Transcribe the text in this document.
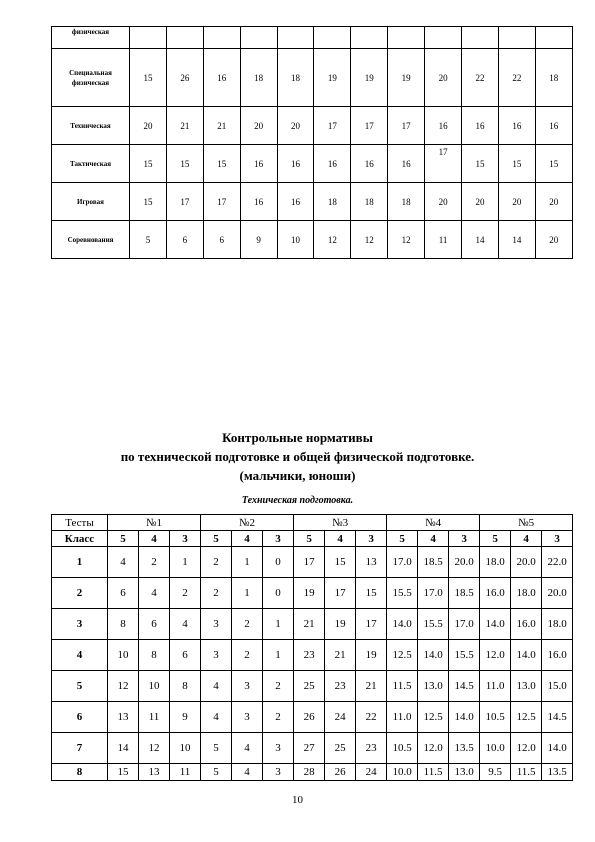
физическая												
Специальная физическая	15	26	16	18	18	19	19	19	20	22	22	18
Техническая	20	21	21	20	20	17	17	17	16	16	16	16
Тактическая	15	15	15	16	16	16	16	16	17	15	15	15
Игровая	15	17	17	16	16	18	18	18	20	20	20	20
Соревнования	5	6	6	9	10	12	12	12	11	14	14	20
Контрольные нормативы
по технической подготовке и общей физической подготовке.
(мальчики, юноши)
Техническая подготовка.
Тесты	№1			№2			№3			№4			№5		
Класс	5	4	3	5	4	3	5	4	3	5	4	3	5	4	3
1	4	2	1	2	1	0	17	15	13	17.0	18.5	20.0	18.0	20.0	22.0
2	6	4	2	2	1	0	19	17	15	15.5	17.0	18.5	16.0	18.0	20.0
3	8	6	4	3	2	1	21	19	17	14.0	15.5	17.0	14.0	16.0	18.0
4	10	8	6	3	2	1	23	21	19	12.5	14.0	15.5	12.0	14.0	16.0
5	12	10	8	4	3	2	25	23	21	11.5	13.0	14.5	11.0	13.0	15.0
6	13	11	9	4	3	2	26	24	22	11.0	12.5	14.0	10.5	12.5	14.5
7	14	12	10	5	4	3	27	25	23	10.5	12.0	13.5	10.0	12.0	14.0
8	15	13	11	5	4	3	28	26	24	10.0	11.5	13.0	9.5	11.5	13.5
10
